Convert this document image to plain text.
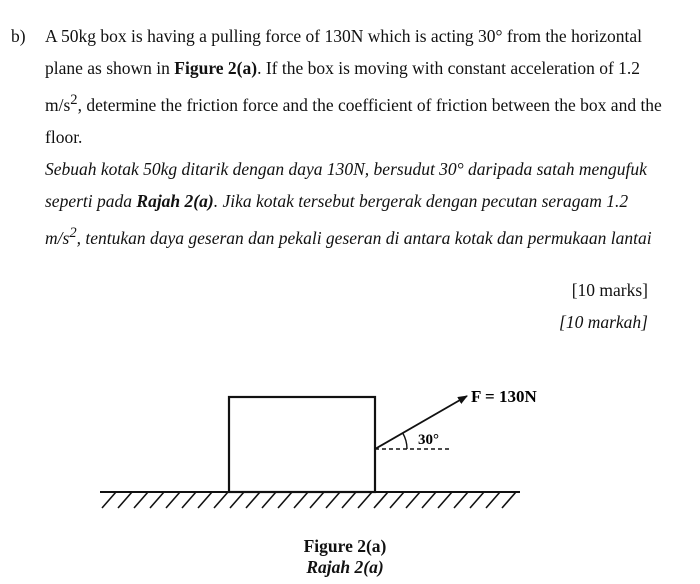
b) A 50kg box is having a pulling force of 130N which is acting 30° from the horizontal plane as shown in Figure 2(a). If the box is moving with constant acceleration of 1.2 $m/s^2$, determine the friction force and the coefficient of friction between the box and the floor.

Sebuah kotak 50kg ditarik dengan daya 130N, bersudut 30° daripada satah mengufuk seperti pada Rajah 2(a). Jika kotak tersebut bergerak dengan pecutan seragam 1.2 $m/s^2$, tentukan daya geseran dan pekali geseran di antara kotak dan permukaan lantai

[10 marks]
[10 markah]
F = 130N
30°
Figure 2(a)
Rajah 2(a)
